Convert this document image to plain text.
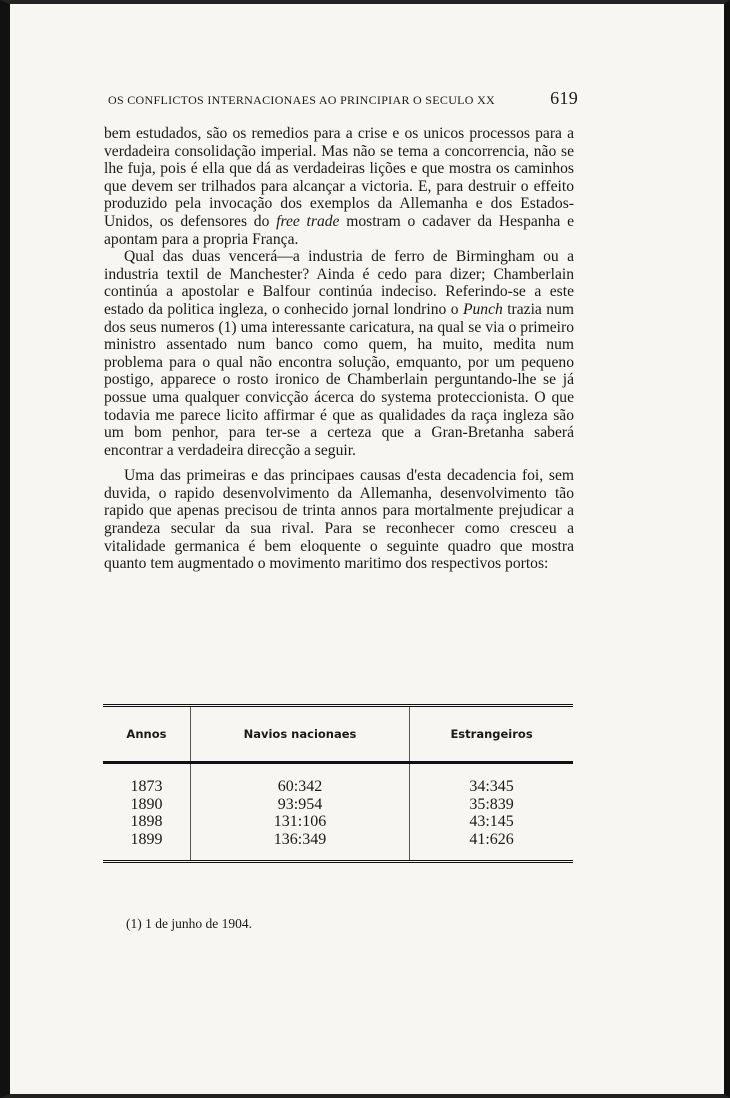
OS CONFLICTOS INTERNACIONAES AO PRINCIPIAR O SECULO XX	619

bem estudados, são os remedios para a crise e os unicos processos para a verdadeira consolidação imperial. Mas não se tema a concorrencia, não se lhe fuja, pois é ella que dá as verdadeiras lições e que mostra os caminhos que devem ser trilhados para alcançar a victoria. E, para destruir o effeito produzido pela invocação dos exemplos da Allemanha e dos Estados-Unidos, os defensores do free trade mostram o cadaver da Hespanha e apontam para a propria França.

Qual das duas vencerá—a industria de ferro de Birmingham ou a industria textil de Manchester? Ainda é cedo para dizer; Chamberlain continúa a apostolar e Balfour continúa indeciso. Referindo-se a este estado da politica ingleza, o conhecido jornal londrino o Punch trazia num dos seus numeros (1) uma interessante caricatura, na qual se via o primeiro ministro assentado num banco como quem, ha muito, medita num problema para o qual não encontra solução, emquanto, por um pequeno postigo, apparece o rosto ironico de Chamberlain perguntando-lhe se já possue uma qualquer convicção ácerca do systema proteccionista. O que todavia me parece licito affirmar é que as qualidades da raça ingleza são um bom penhor, para ter-se a certeza que a Gran-Bretanha saberá encontrar a verdadeira direcção a seguir.

Uma das primeiras e das principaes causas d'esta decadencia foi, sem duvida, o rapido desenvolvimento da Allemanha, desenvolvimento tão rapido que apenas precisou de trinta annos para mortalmente prejudicar a grandeza secular da sua rival. Para se reconhecer como cresceu a vitalidade germanica é bem eloquente o seguinte quadro que mostra quanto tem augmentado o movimento maritimo dos respectivos portos:

Annos	Navios nacionaes	Estrangeiros
1873	60:342	34:345
1890	93:954	35:839
1898	131:106	43:145
1899	136:349	41:626
(1) 1 de junho de 1904.
